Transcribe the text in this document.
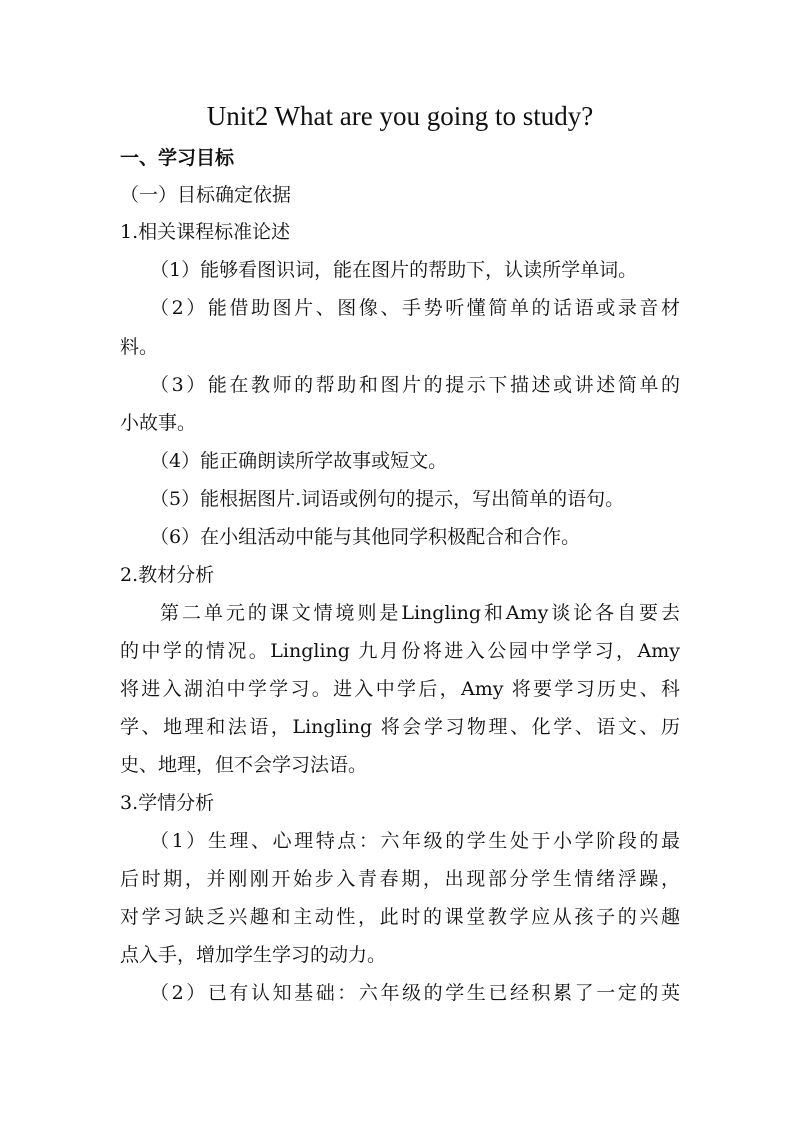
Unit2 What are you going to study?

一、学习目标

（一）目标确定依据

1.相关课程标准论述

（1）能够看图识词，能在图片的帮助下，认读所学单词。

（2）能借助图片、图像、手势听懂简单的话语或录音材

料。

（3）能在教师的帮助和图片的提示下描述或讲述简单的

小故事。

（4）能正确朗读所学故事或短文。

（5）能根据图片.词语或例句的提示，写出简单的语句。

（6）在小组活动中能与其他同学积极配合和合作。

2.教材分析

第二单元的课文情境则是Lingling和Amy谈论各自要去

的中学的情况。Lingling 九月份将进入公园中学学习，Amy

将进入湖泊中学学习。进入中学后，Amy 将要学习历史、科

学、地理和法语，Lingling 将会学习物理、化学、语文、历

史、地理，但不会学习法语。

3.学情分析

（1）生理、心理特点：六年级的学生处于小学阶段的最

后时期，并刚刚开始步入青春期，出现部分学生情绪浮躁，

对学习缺乏兴趣和主动性，此时的课堂教学应从孩子的兴趣

点入手，增加学生学习的动力。

（2）已有认知基础：六年级的学生已经积累了一定的英
